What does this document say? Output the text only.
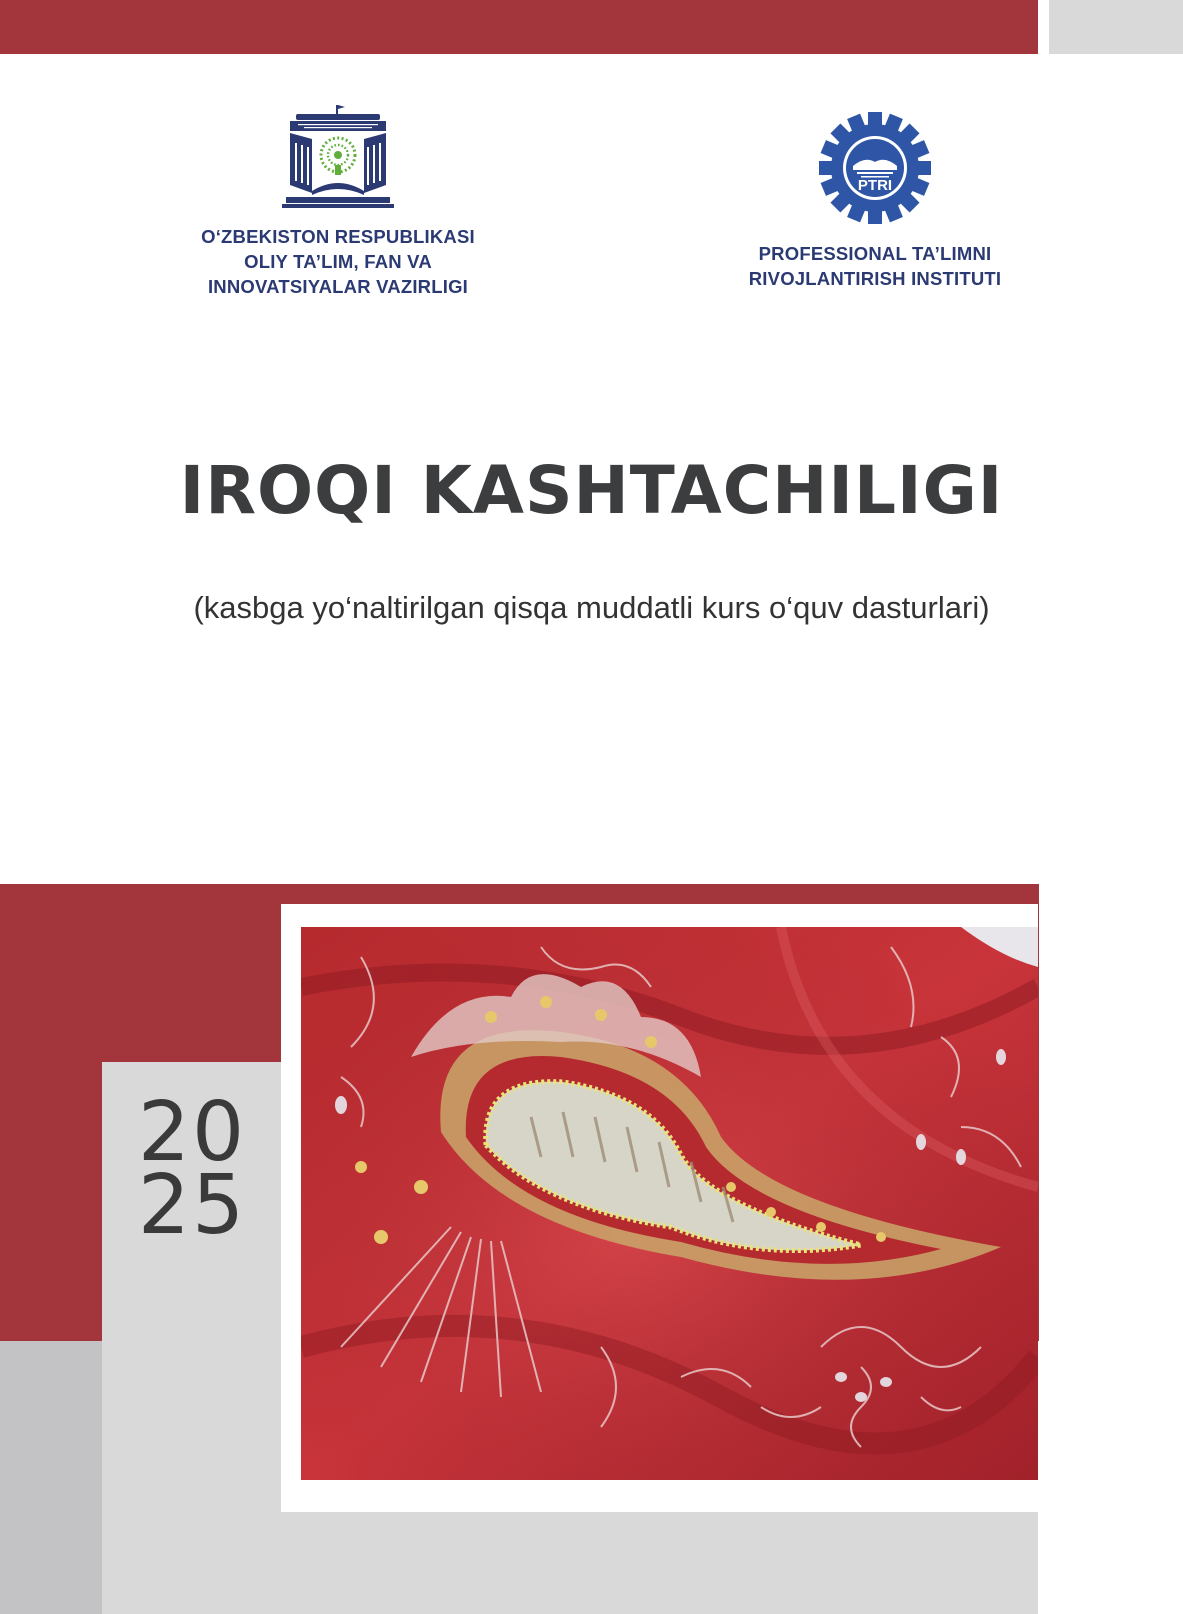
O‘ZBEKISTON RESPUBLIKASI
OLIY TA’LIM, FAN VA
INNOVATSIYALAR VAZIRLIGI
PTRI
PROFESSIONAL TA’LIMNI
RIVOJLANTIRISH INSTITUTI
IROQI KASHTACHILIGI
(kasbga yo‘naltirilgan qisqa muddatli kurs o‘quv dasturlari)
20
25
